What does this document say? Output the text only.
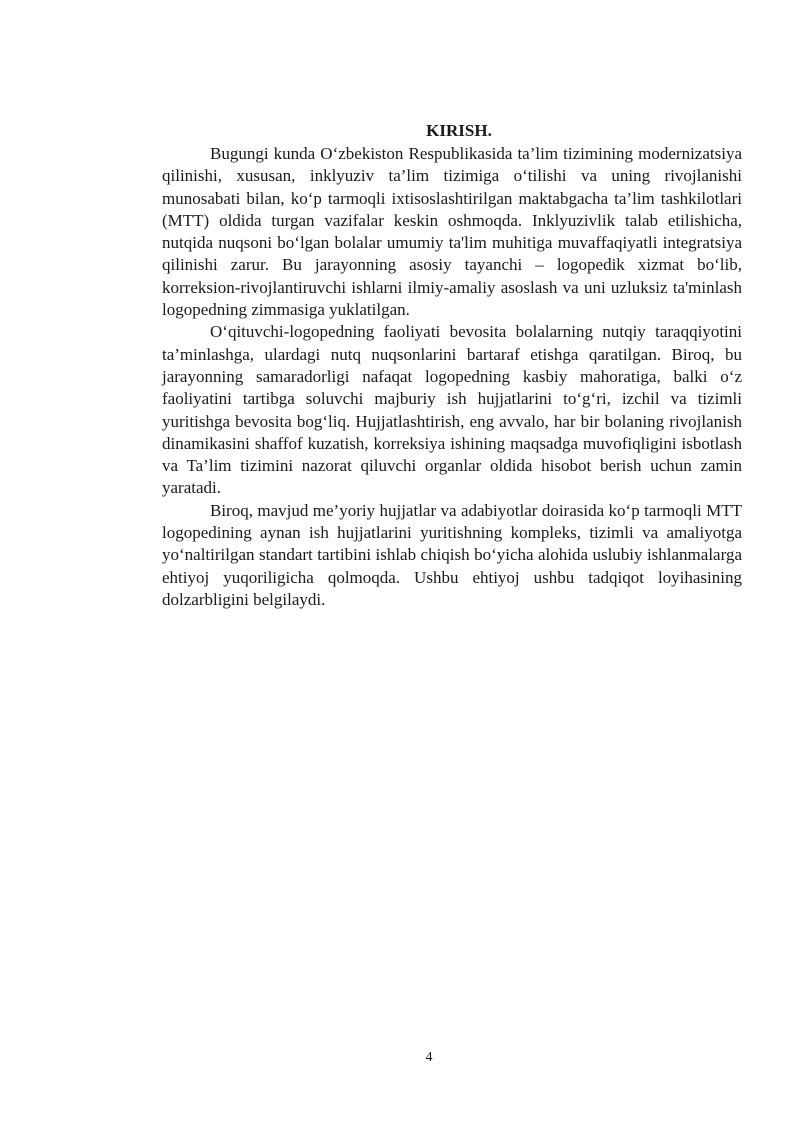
KIRISH.

Bugungi kunda O‘zbekiston Respublikasida ta’lim tizimining modernizatsiya qilinishi, xususan, inklyuziv ta’lim tizimiga o‘tilishi va uning rivojlanishi munosabati bilan, ko‘p tarmoqli ixtisoslashtirilgan maktabgacha ta’lim tashkilotlari (MTT) oldida turgan vazifalar keskin oshmoqda. Inklyuzivlik talab etilishicha, nutqida nuqsoni bo‘lgan bolalar umumiy ta'lim muhitiga muvaffaqiyatli integratsiya qilinishi zarur. Bu jarayonning asosiy tayanchi – logopedik xizmat bo‘lib, korreksion-rivojlantiruvchi ishlarni ilmiy-amaliy asoslash va uni uzluksiz ta'minlash logopedning zimmasiga yuklatilgan.

O‘qituvchi-logopedning faoliyati bevosita bolalarning nutqiy taraqqiyotini ta’minlashga, ulardagi nutq nuqsonlarini bartaraf etishga qaratilgan. Biroq, bu jarayonning samaradorligi nafaqat logopedning kasbiy mahoratiga, balki o‘z faoliyatini tartibga soluvchi majburiy ish hujjatlarini to‘g‘ri, izchil va tizimli yuritishga bevosita bog‘liq. Hujjatlashtirish, eng avvalo, har bir bolaning rivojlanish dinamikasini shaffof kuzatish, korreksiya ishining maqsadga muvofiqligini isbotlash va Ta’lim tizimini nazorat qiluvchi organlar oldida hisobot berish uchun zamin yaratadi.

Biroq, mavjud me’yoriy hujjatlar va adabiyotlar doirasida ko‘p tarmoqli MTT logopedining aynan ish hujjatlarini yuritishning kompleks, tizimli va amaliyotga yo‘naltirilgan standart tartibini ishlab chiqish bo‘yicha alohida uslubiy ishlanmalarga ehtiyoj yuqoriligicha qolmoqda. Ushbu ehtiyoj ushbu tadqiqot loyihasining dolzarbligini belgilaydi.

4
